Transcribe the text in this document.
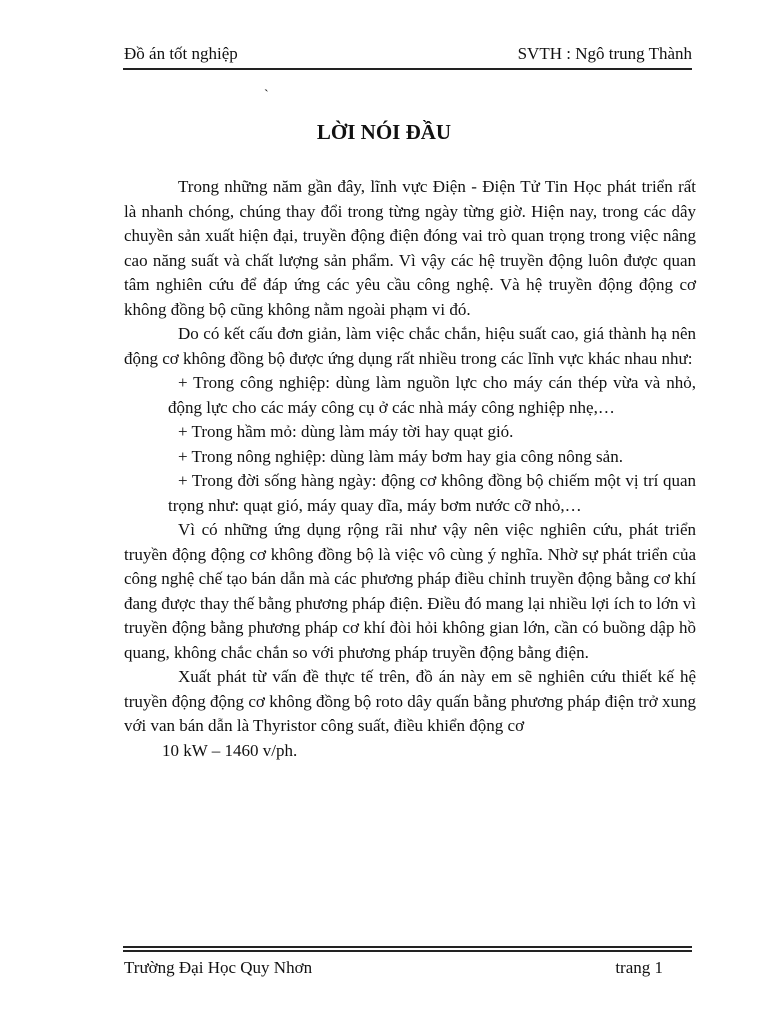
Đồ án tốt nghiệp	SVTH : Ngô trung Thành
`
LỜI NÓI ĐẦU

Trong những năm gần đây, lĩnh vực Điện - Điện Tử Tin Học phát triển rất là nhanh chóng, chúng thay đổi trong từng ngày từng giờ. Hiện nay, trong các dây chuyền sản xuất hiện đại, truyền động điện đóng vai trò quan trọng trong việc nâng cao năng suất và chất lượng sản phẩm. Vì vậy các hệ truyền động luôn được quan tâm nghiên cứu để đáp ứng các yêu cầu công nghệ. Và hệ truyền động động cơ không đồng bộ cũng không nằm ngoài phạm vi đó.

Do có kết cấu đơn giản, làm việc chắc chắn, hiệu suất cao, giá thành hạ nên động cơ không đồng bộ được ứng dụng rất nhiều trong các lĩnh vực khác nhau như:

+ Trong công nghiệp: dùng làm nguồn lực cho máy cán thép vừa và nhỏ, động lực cho các máy công cụ ở các nhà máy công nghiệp nhẹ,…

+ Trong hầm mỏ: dùng làm máy tời hay quạt gió.

+ Trong nông nghiệp: dùng làm máy bơm hay gia công nông sản.

+ Trong đời sống hàng ngày: động cơ không đồng bộ chiếm một vị trí quan trọng như: quạt gió, máy quay dĩa, máy bơm nước cỡ nhỏ,…

Vì có những ứng dụng rộng rãi như vậy nên việc nghiên cứu, phát triển truyền động động cơ không đồng bộ là việc vô cùng ý nghĩa. Nhờ sự phát triển của công nghệ chế tạo bán dẫn mà các phương pháp điều chỉnh truyền động bằng cơ khí đang được thay thế bằng phương pháp điện. Điều đó mang lại nhiều lợi ích to lớn vì truyền động bằng phương pháp cơ khí đòi hỏi không gian lớn, cần có buồng dập hồ quang, không chắc chắn so với phương pháp truyền động bằng điện.

Xuất phát từ vấn đề thực tế trên, đồ án này em sẽ nghiên cứu thiết kế hệ truyền động động cơ không đồng bộ roto dây quấn bằng phương pháp điện trở xung với van bán dẫn là Thyristor công suất, điều khiển động cơ

10 kW – 1460 v/ph.

Trường Đại Học Quy Nhơn	trang 1
